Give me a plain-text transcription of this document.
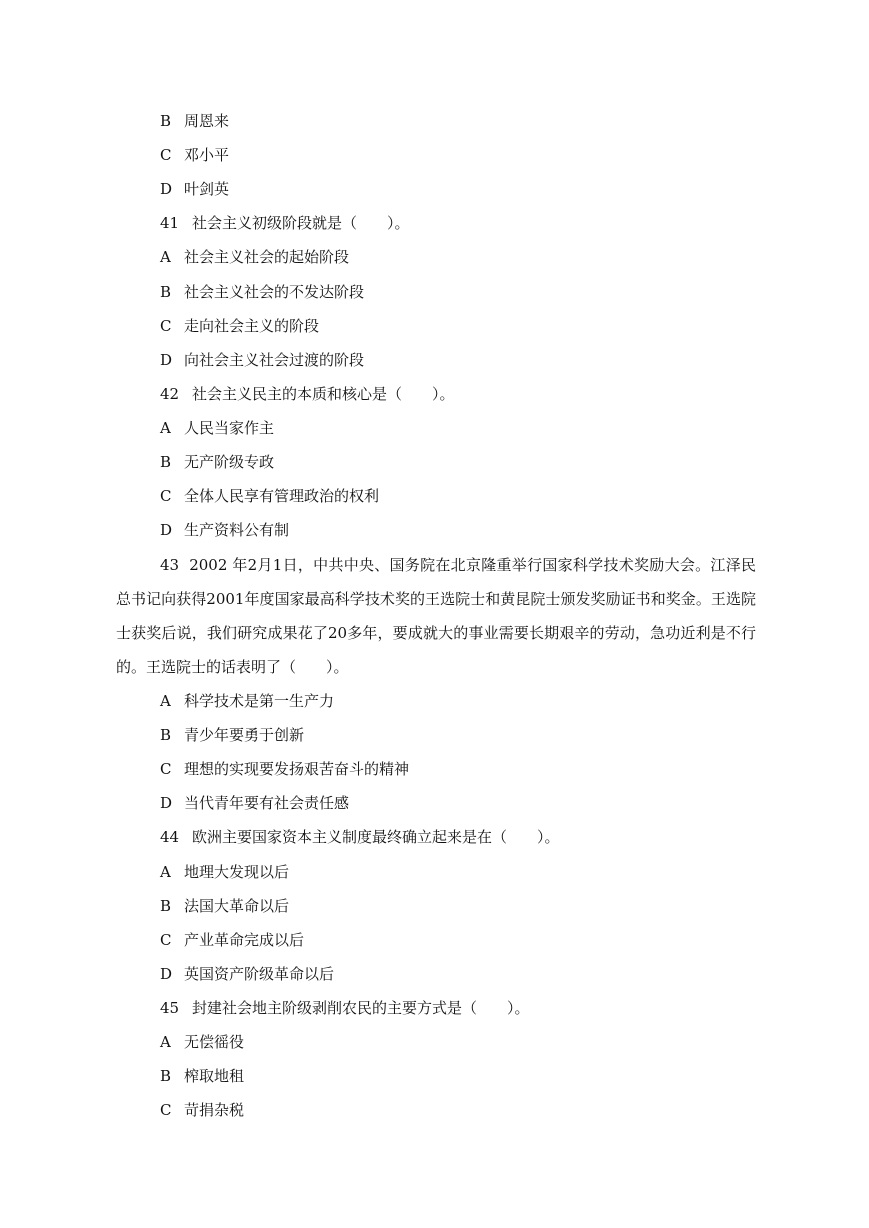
B 周恩来
C 邓小平
D 叶剑英
41 社会主义初级阶段就是（　　）。
A 社会主义社会的起始阶段
B 社会主义社会的不发达阶段
C 走向社会主义的阶段
D 向社会主义社会过渡的阶段
42 社会主义民主的本质和核心是（　　）。
A 人民当家作主
B 无产阶级专政
C 全体人民享有管理政治的权利
D 生产资料公有制
43 2002 年2月1日，中共中央、国务院在北京隆重举行国家科学技术奖励大会。江泽民总书记向获得2001年度国家最高科学技术奖的王选院士和黄昆院士颁发奖励证书和奖金。王选院士获奖后说，我们研究成果花了20多年，要成就大的事业需要长期艰辛的劳动，急功近利是不行的。王选院士的话表明了（　　）。
A 科学技术是第一生产力
B 青少年要勇于创新
C 理想的实现要发扬艰苦奋斗的精神
D 当代青年要有社会责任感
44 欧洲主要国家资本主义制度最终确立起来是在（　　）。
A 地理大发现以后
B 法国大革命以后
C 产业革命完成以后
D 英国资产阶级革命以后
45 封建社会地主阶级剥削农民的主要方式是（　　）。
A 无偿徭役
B 榨取地租
C 苛捐杂税
